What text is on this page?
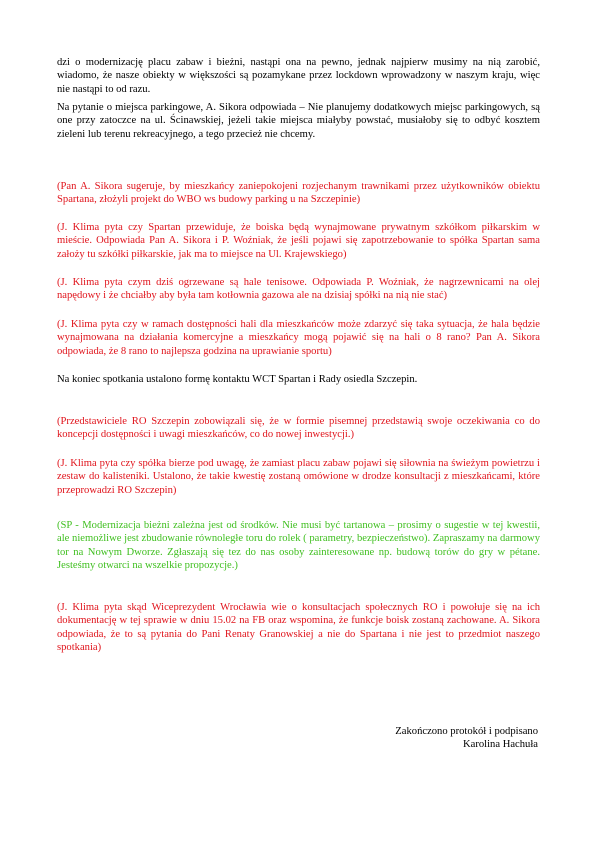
dzi o modernizację placu zabaw i bieżni, nastąpi ona na pewno, jednak najpierw musimy na nią zarobić, wiadomo, że nasze obiekty w większości są pozamykane przez lockdown wprowadzony w naszym kraju, więc nie nastąpi to od razu.

Na pytanie o miejsca parkingowe, A. Sikora odpowiada – Nie planujemy dodatkowych miejsc parkingowych, są one przy zatoczce na ul. Ścinawskiej, jeżeli takie miejsca miałyby powstać, musiałoby się to odbyć kosztem zieleni lub terenu rekreacyjnego, a tego przecież nie chcemy.

(Pan A. Sikora sugeruje, by mieszkańcy zaniepokojeni rozjechanym trawnikami przez użytkowników obiektu Spartana, złożyli projekt do WBO ws budowy parking u na Szczepinie)

(J. Klima pyta czy Spartan przewiduje, że boiska będą wynajmowane prywatnym szkółkom piłkarskim w mieście. Odpowiada Pan A. Sikora i P. Woźniak, że jeśli pojawi się zapotrzebowanie to spółka Spartan sama założy tu szkółki piłkarskie, jak ma to miejsce na Ul. Krajewskiego)

(J. Klima pyta czym dziś ogrzewane są hale tenisowe. Odpowiada P. Woźniak, że nagrzewnicami na olej napędowy i że chciałby aby była tam kotłownia gazowa ale na dzisiaj spółki na nią nie stać)

(J. Klima pyta czy w ramach dostępności hali dla mieszkańców może zdarzyć się taka sytuacja, że hala będzie wynajmowana na działania komercyjne a mieszkańcy mogą pojawić się na hali o 8 rano? Pan A. Sikora odpowiada, że 8 rano to najlepsza godzina na uprawianie sportu)

Na koniec spotkania ustalono formę kontaktu WCT Spartan i Rady osiedla Szczepin.

(Przedstawiciele RO Szczepin zobowiązali się, że w formie pisemnej przedstawią swoje oczekiwania co do koncepcji dostępności i uwagi mieszkańców, co do nowej inwestycji.)

(J. Klima pyta czy spółka bierze pod uwagę, że zamiast placu zabaw pojawi się siłownia na świeżym powietrzu i zestaw do kalisteniki. Ustalono, że takie kwestię zostaną omówione w drodze konsultacji z mieszkańcami, które przeprowadzi RO Szczepin)

(SP - Modernizacja bieżni zależna jest od środków. Nie musi być tartanowa – prosimy o sugestie w tej kwestii, ale niemożliwe jest zbudowanie równoległe toru do rolek ( parametry, bezpieczeństwo). Zapraszamy na darmowy tor na Nowym Dworze. Zgłaszają się tez do nas osoby zainteresowane np. budową torów do gry w pétane. Jesteśmy otwarci na wszelkie propozycje.)

(J. Klima pyta skąd Wiceprezydent Wrocławia wie o konsultacjach społecznych RO i powołuje się na ich dokumentację w tej sprawie w dniu 15.02 na FB oraz wspomina, że funkcje boisk zostaną zachowane. A. Sikora odpowiada, że to są pytania do Pani Renaty Granowskiej a nie do Spartana i nie jest to przedmiot naszego spotkania)

Zakończono protokół i podpisano
Karolina Hachuła
